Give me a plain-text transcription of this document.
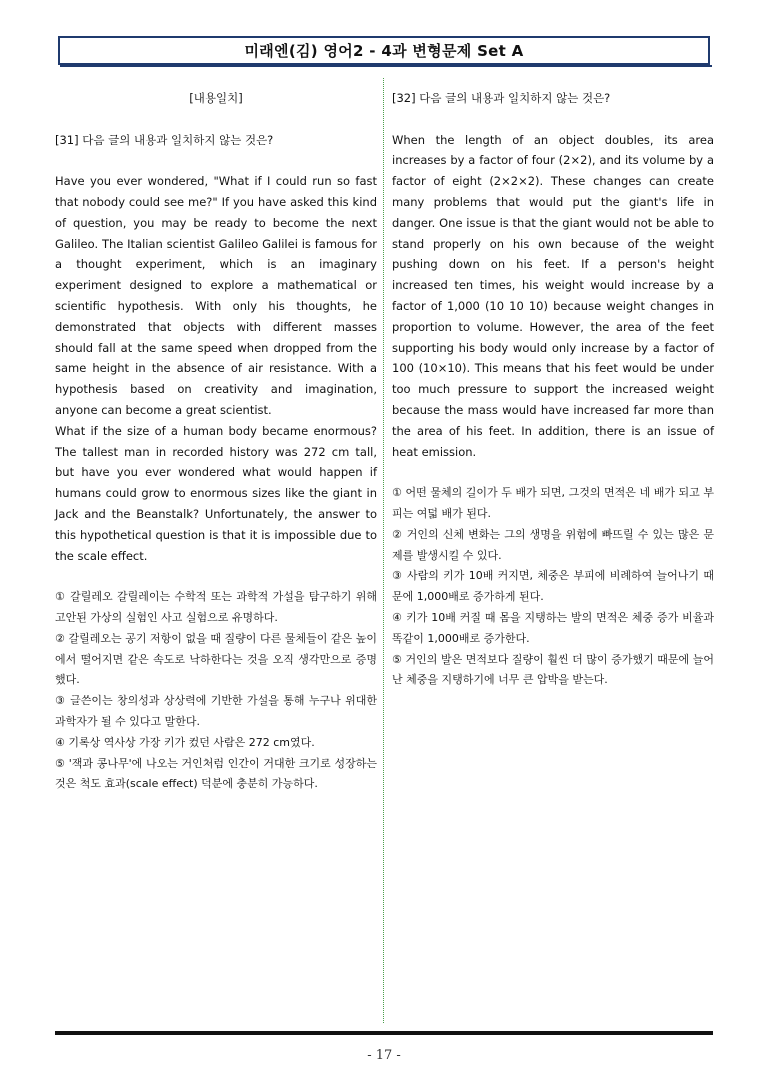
미래엔(김) 영어2 - 4과 변형문제 Set A
[내용일치]
[31] 다음 글의 내용과 일치하지 않는 것은?
Have you ever wondered, "What if I could run so fast that nobody could see me?" If you have asked this kind of question, you may be ready to become the next Galileo. The Italian scientist Galileo Galilei is famous for a thought experiment, which is an imaginary experiment designed to explore a mathematical or scientific hypothesis. With only his thoughts, he demonstrated that objects with different masses should fall at the same speed when dropped from the same height in the absence of air resistance. With a hypothesis based on creativity and imagination, anyone can become a great scientist.
What if the size of a human body became enormous? The tallest man in recorded history was 272 cm tall, but have you ever wondered what would happen if humans could grow to enormous sizes like the giant in Jack and the Beanstalk? Unfortunately, the answer to this hypothetical question is that it is impossible due to the scale effect.
① 갈릴레오 갈릴레이는 수학적 또는 과학적 가설을 탐구하기 위해 고안된 가상의 실험인 사고 실험으로 유명하다.
② 갈릴레오는 공기 저항이 없을 때 질량이 다른 물체들이 같은 높이에서 떨어지면 같은 속도로 낙하한다는 것을 오직 생각만으로 증명했다.
③ 글쓴이는 창의성과 상상력에 기반한 가설을 통해 누구나 위대한 과학자가 될 수 있다고 말한다.
④ 기록상 역사상 가장 키가 컸던 사람은 272 cm였다.
⑤ '잭과 콩나무'에 나오는 거인처럼 인간이 거대한 크기로 성장하는 것은 척도 효과(scale effect) 덕분에 충분히 가능하다.
[32] 다음 글의 내용과 일치하지 않는 것은?
When the length of an object doubles, its area increases by a factor of four (2×2), and its volume by a factor of eight (2×2×2). These changes can create many problems that would put the giant's life in danger. One issue is that the giant would not be able to stand properly on his own because of the weight pushing down on his feet. If a person's height increased ten times, his weight would increase by a factor of 1,000 (10 10 10) because weight changes in proportion to volume. However, the area of the feet supporting his body would only increase by a factor of 100 (10×10). This means that his feet would be under too much pressure to support the increased weight because the mass would have increased far more than the area of his feet. In addition, there is an issue of heat emission.
① 어떤 물체의 길이가 두 배가 되면, 그것의 면적은 네 배가 되고 부피는 여덟 배가 된다.
② 거인의 신체 변화는 그의 생명을 위험에 빠뜨릴 수 있는 많은 문제를 발생시킬 수 있다.
③ 사람의 키가 10배 커지면, 체중은 부피에 비례하여 늘어나기 때문에 1,000배로 증가하게 된다.
④ 키가 10배 커질 때 몸을 지탱하는 발의 면적은 체중 증가 비율과 똑같이 1,000배로 증가한다.
⑤ 거인의 발은 면적보다 질량이 훨씬 더 많이 증가했기 때문에 늘어난 체중을 지탱하기에 너무 큰 압박을 받는다.
- 17 -
